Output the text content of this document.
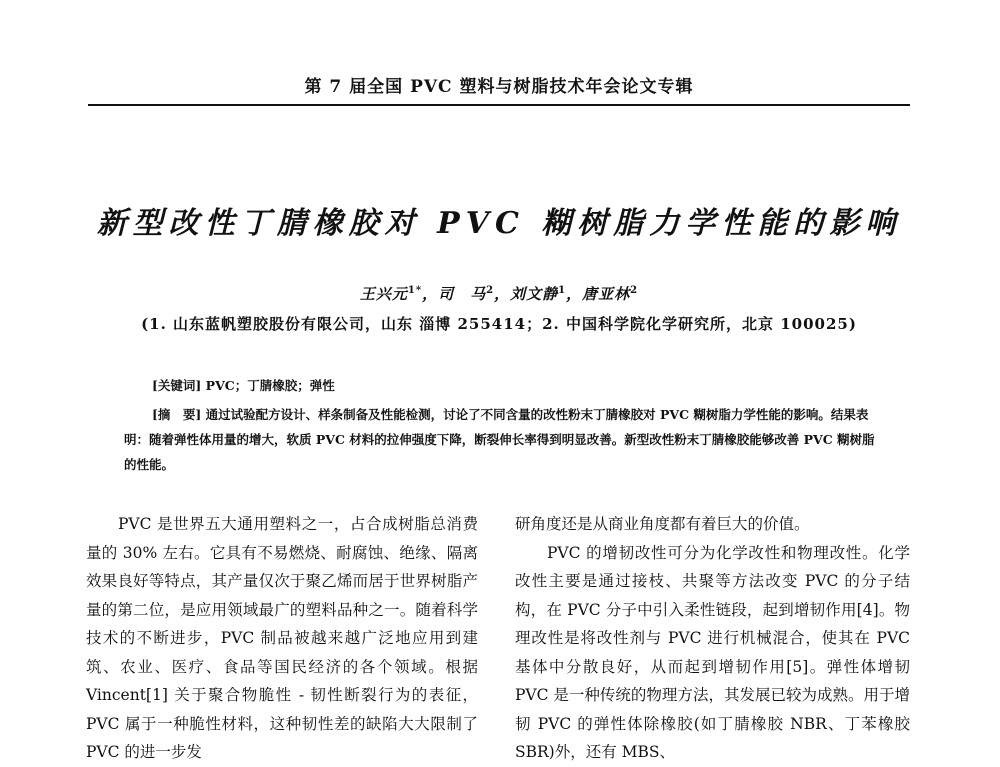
第 7 届全国 PVC 塑料与树脂技术年会论文专辑
新型改性丁腈橡胶对 PVC 糊树脂力学性能的影响
王兴元$^{1*}$，司　马$^2$，刘文静$^1$，唐亚林$^2$
(1. 山东蓝帆塑胶股份有限公司，山东 淄博 255414；2. 中国科学院化学研究所，北京 100025)
[关键词] PVC；丁腈橡胶；弹性
[摘　要] 通过试验配方设计、样条制备及性能检测，讨论了不同含量的改性粉末丁腈橡胶对 PVC 糊树脂力学性能的影响。结果表明：随着弹性体用量的增大，软质 PVC 材料的拉伸强度下降，断裂伸长率得到明显改善。新型改性粉末丁腈橡胶能够改善 PVC 糊树脂的性能。

PVC 是世界五大通用塑料之一，占合成树脂总消费量的 30% 左右。它具有不易燃烧、耐腐蚀、绝缘、隔离效果良好等特点，其产量仅次于聚乙烯而居于世界树脂产量的第二位，是应用领域最广的塑料品种之一。随着科学技术的不断进步，PVC 制品被越来越广泛地应用到建筑、农业、医疗、食品等国民经济的各个领域。根据 Vincent[1] 关于聚合物脆性 - 韧性断裂行为的表征，PVC 属于一种脆性材料，这种韧性差的缺陷大大限制了 PVC 的进一步发

研角度还是从商业角度都有着巨大的价值。

PVC 的增韧改性可分为化学改性和物理改性。化学改性主要是通过接枝、共聚等方法改变 PVC 的分子结构，在 PVC 分子中引入柔性链段，起到增韧作用[4]。物理改性是将改性剂与 PVC 进行机械混合，使其在 PVC 基体中分散良好，从而起到增韧作用[5]。弹性体增韧 PVC 是一种传统的物理方法，其发展已较为成熟。用于增韧 PVC 的弹性体除橡胶(如丁腈橡胶 NBR、丁苯橡胶 SBR)外，还有 MBS、
